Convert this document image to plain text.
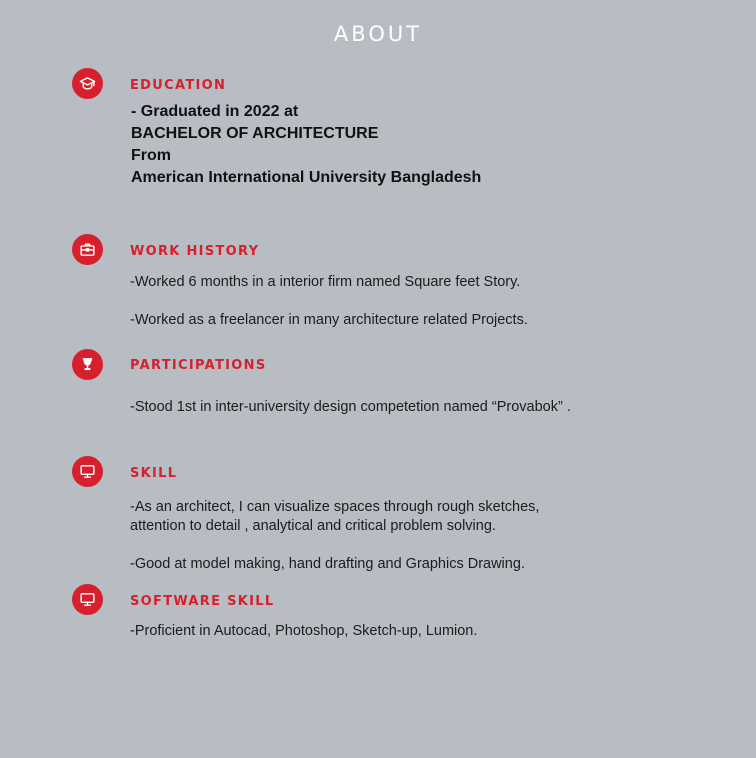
ABOUT
EDUCATION
- Graduated in 2022 at
BACHELOR OF ARCHITECTURE
From
American International University Bangladesh
WORK HISTORY
-Worked 6 months in a interior firm named Square feet Story.
-Worked as a freelancer in many architecture related Projects.
PARTICIPATIONS
-Stood 1st in inter-university design competetion named “Provabok” .
SKILL
-As an architect, I can visualize spaces through rough sketches,
attention to detail , analytical and critical problem solving.
-Good at model making, hand drafting and Graphics Drawing.
SOFTWARE SKILL
-Proficient in Autocad, Photoshop, Sketch-up, Lumion.
